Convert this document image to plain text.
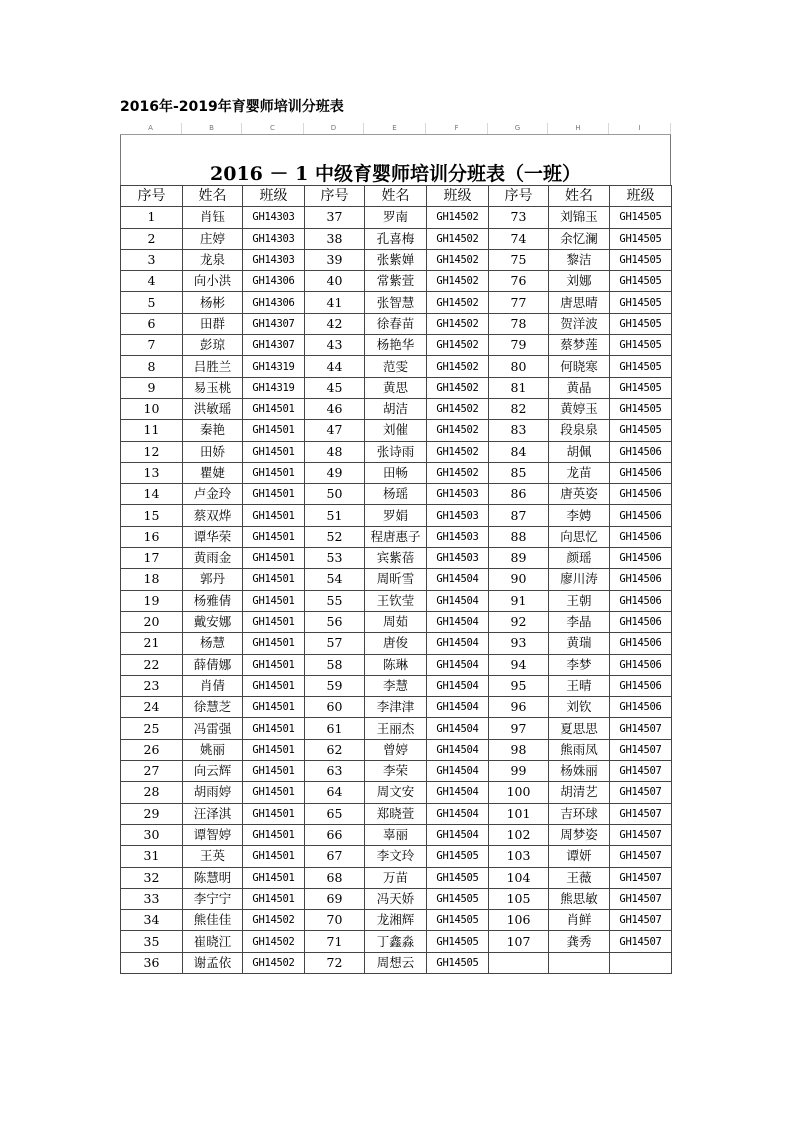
2016年-2019年育婴师培训分班表
A	B	C	D	E	F	G	H	I
2016 － 1 中级育婴师培训分班表（一班）
序号	姓名	班级	序号	姓名	班级	序号	姓名	班级
1	肖钰	GH14303	37	罗南	GH14502	73	刘锦玉	GH14505
2	庄婷	GH14303	38	孔喜梅	GH14502	74	余忆澜	GH14505
3	龙泉	GH14303	39	张紫婵	GH14502	75	黎洁	GH14505
4	向小洪	GH14306	40	常紫萱	GH14502	76	刘娜	GH14505
5	杨彬	GH14306	41	张智慧	GH14502	77	唐思晴	GH14505
6	田群	GH14307	42	徐春苗	GH14502	78	贺洋波	GH14505
7	彭琼	GH14307	43	杨艳华	GH14502	79	蔡梦莲	GH14505
8	吕胜兰	GH14319	44	范雯	GH14502	80	何晓寒	GH14505
9	易玉桃	GH14319	45	黄思	GH14502	81	黄晶	GH14505
10	洪敏瑶	GH14501	46	胡洁	GH14502	82	黄婷玉	GH14505
11	秦艳	GH14501	47	刘催	GH14502	83	段泉泉	GH14505
12	田娇	GH14501	48	张诗雨	GH14502	84	胡佩	GH14506
13	瞿婕	GH14501	49	田畅	GH14502	85	龙苗	GH14506
14	卢金玲	GH14501	50	杨瑶	GH14503	86	唐英姿	GH14506
15	蔡双烨	GH14501	51	罗娟	GH14503	87	李娉	GH14506
16	谭华荣	GH14501	52	程唐惠子	GH14503	88	向思忆	GH14506
17	黄雨金	GH14501	53	宾紫蓓	GH14503	89	颜瑶	GH14506
18	郭丹	GH14501	54	周昕雪	GH14504	90	廖川涛	GH14506
19	杨雅倩	GH14501	55	王钦莹	GH14504	91	王朝	GH14506
20	戴安娜	GH14501	56	周茹	GH14504	92	李晶	GH14506
21	杨慧	GH14501	57	唐俊	GH14504	93	黄瑞	GH14506
22	薛倩娜	GH14501	58	陈琳	GH14504	94	李梦	GH14506
23	肖倩	GH14501	59	李慧	GH14504	95	王晴	GH14506
24	徐慧芝	GH14501	60	李津津	GH14504	96	刘钦	GH14506
25	冯雷强	GH14501	61	王丽杰	GH14504	97	夏思思	GH14507
26	姚丽	GH14501	62	曾婷	GH14504	98	熊雨凤	GH14507
27	向云辉	GH14501	63	李荣	GH14504	99	杨姝丽	GH14507
28	胡雨婷	GH14501	64	周文安	GH14504	100	胡清艺	GH14507
29	汪泽淇	GH14501	65	郑晓萱	GH14504	101	吉环球	GH14507
30	谭智婷	GH14501	66	辜丽	GH14504	102	周梦姿	GH14507
31	王英	GH14501	67	李文玲	GH14505	103	谭妍	GH14507
32	陈慧明	GH14501	68	万苗	GH14505	104	王薇	GH14507
33	李宁宁	GH14501	69	冯天娇	GH14505	105	熊思敏	GH14507
34	熊佳佳	GH14502	70	龙湘辉	GH14505	106	肖鲜	GH14507
35	崔晓江	GH14502	71	丁鑫淼	GH14505	107	龚秀	GH14507
36	谢孟依	GH14502	72	周想云	GH14505			
